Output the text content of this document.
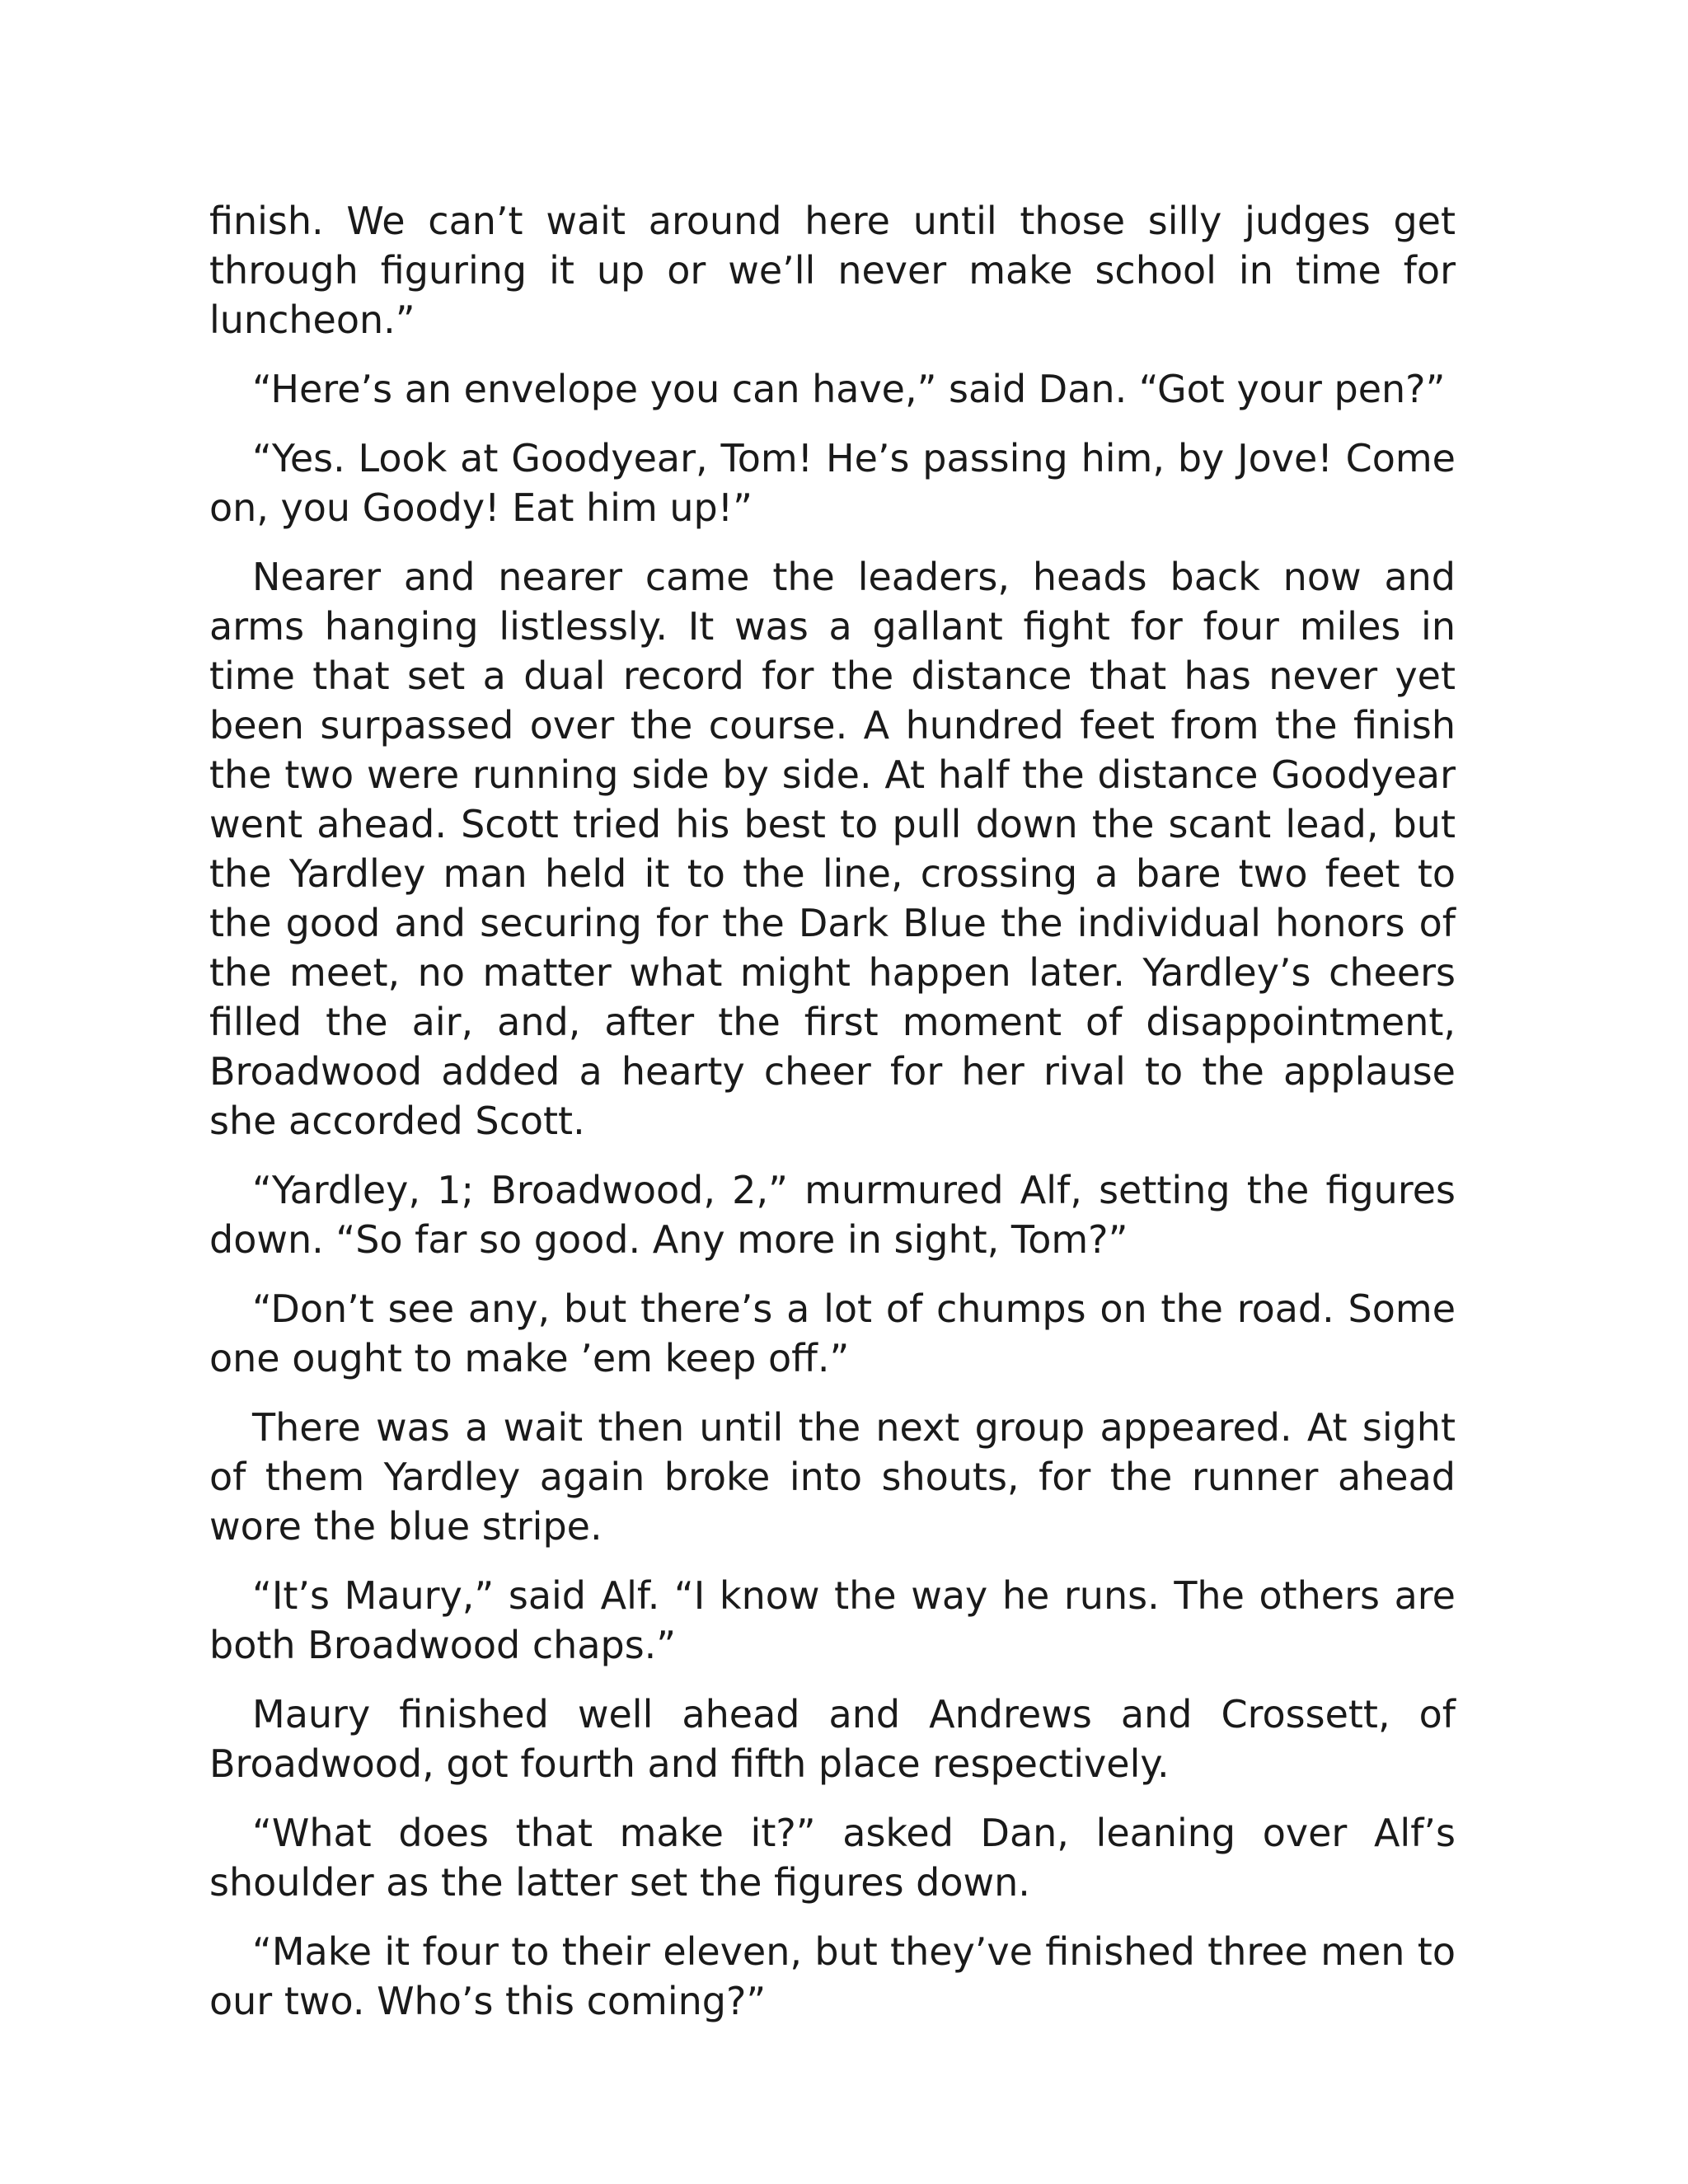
finish. We can’t wait around here until those silly judges get through figuring it up or we’ll never make school in time for luncheon.”

“Here’s an envelope you can have,” said Dan. “Got your pen?”

“Yes. Look at Goodyear, Tom! He’s passing him, by Jove! Come on, you Goody! Eat him up!”

Nearer and nearer came the leaders, heads back now and arms hanging listlessly. It was a gallant fight for four miles in time that set a dual record for the distance that has never yet been surpassed over the course. A hundred feet from the finish the two were running side by side. At half the distance Goodyear went ahead. Scott tried his best to pull down the scant lead, but the Yardley man held it to the line, crossing a bare two feet to the good and securing for the Dark Blue the individual honors of the meet, no matter what might happen later. Yardley’s cheers filled the air, and, after the first moment of disappointment, Broadwood added a hearty cheer for her rival to the applause she accorded Scott.

“Yardley, 1; Broadwood, 2,” murmured Alf, setting the figures down. “So far so good. Any more in sight, Tom?”

“Don’t see any, but there’s a lot of chumps on the road. Some one ought to make ’em keep off.”

There was a wait then until the next group appeared. At sight of them Yardley again broke into shouts, for the runner ahead wore the blue stripe.

“It’s Maury,” said Alf. “I know the way he runs. The others are both Broadwood chaps.”

Maury finished well ahead and Andrews and Crossett, of Broadwood, got fourth and fifth place respectively.

“What does that make it?” asked Dan, leaning over Alf’s shoulder as the latter set the figures down.

“Make it four to their eleven, but they’ve finished three men to our two. Who’s this coming?”
